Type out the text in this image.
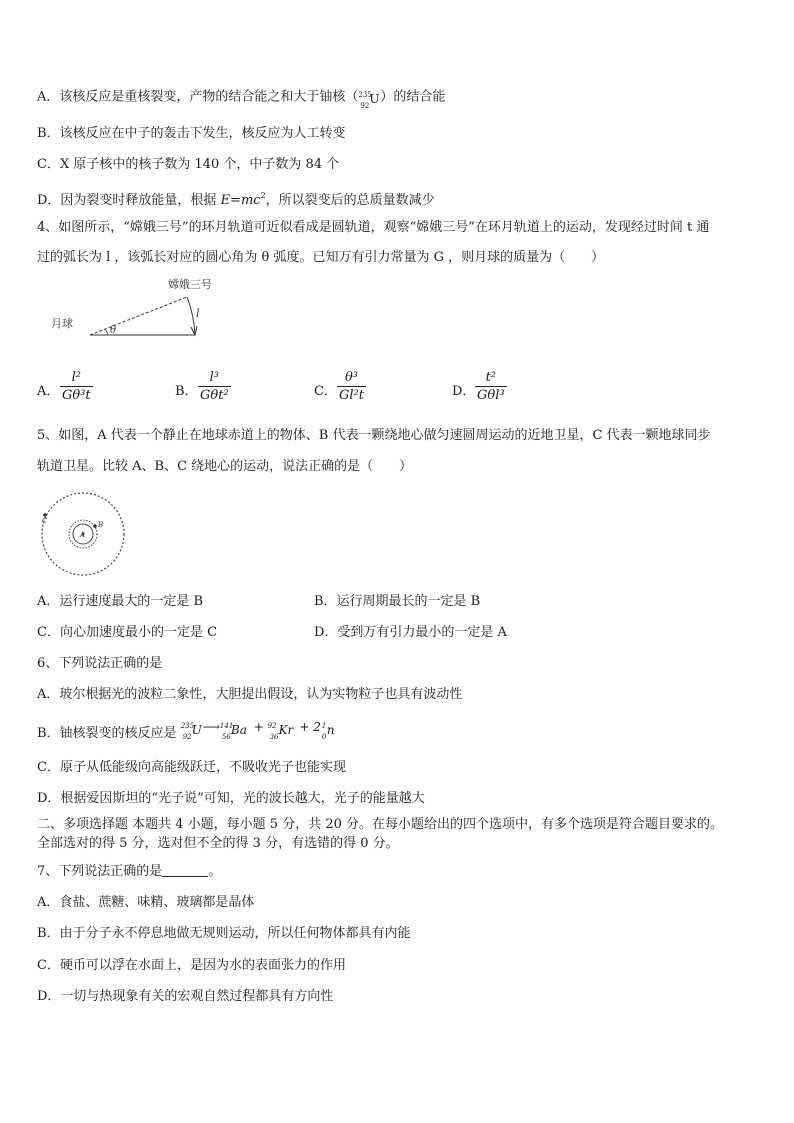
A．该核反应是重核裂变，产物的结合能之和大于铀核（ 235
92 U ）的结合能
B．该核反应在中子的轰击下发生，核反应为人工转变
C．X 原子核中的核子数为 140 个，中子数为 84 个
D．因为裂变时释放能量，根据 $E=mc^2$，所以裂变后的总质量数减少
4、如图所示，“嫦娥三号”的环月轨道可近似看成是圆轨道，观察“嫦娥三号”在环月轨道上的运动，发现经过时间 t 通
过的弧长为 l ，该弧长对应的圆心角为 θ 弧度。已知万有引力常量为 G ，则月球的质量为（　　）
月球
嫦娥三号
l
θ
A．
l²
Gθ³t	B．
l³
Gθt²	C．
θ³
Gl²t	D．
t²
Gθl³
5、如图，A 代表一个静止在地球赤道上的物体、B 代表一颗绕地心做匀速圆周运动的近地卫星，C 代表一颗地球同步
轨道卫星。比较 A、B、C 绕地心的运动，说法正确的是（　　）
A
B
C
A．运行速度最大的一定是 B	B．运行周期最长的一定是 B
C．向心加速度最小的一定是 C	D．受到万有引力最小的一定是 A
6、下列说法正确的是
A．玻尔根据光的波粒二象性，大胆提出假设，认为实物粒子也具有波动性
B．铀核裂变的核反应是
235
92 U ⟶ 141
56 Ba + 92
36 Kr + 2 1
0 n
C．原子从低能级向高能级跃迁，不吸收光子也能实现
D．根据爱因斯坦的“光子说”可知，光的波长越大，光子的能量越大
二、多项选择题 本题共 4 小题，每小题 5 分，共 20 分。在每小题给出的四个选项中，有多个选项是符合题目要求的。
全部选对的得 5 分，选对但不全的得 3 分，有选错的得 0 分。
7、下列说法正确的是	。
A．食盐、蔗糖、味精、玻璃都是晶体
B．由于分子永不停息地做无规则运动，所以任何物体都具有内能
C．硬币可以浮在水面上，是因为水的表面张力的作用
D．一切与热现象有关的宏观自然过程都具有方向性
